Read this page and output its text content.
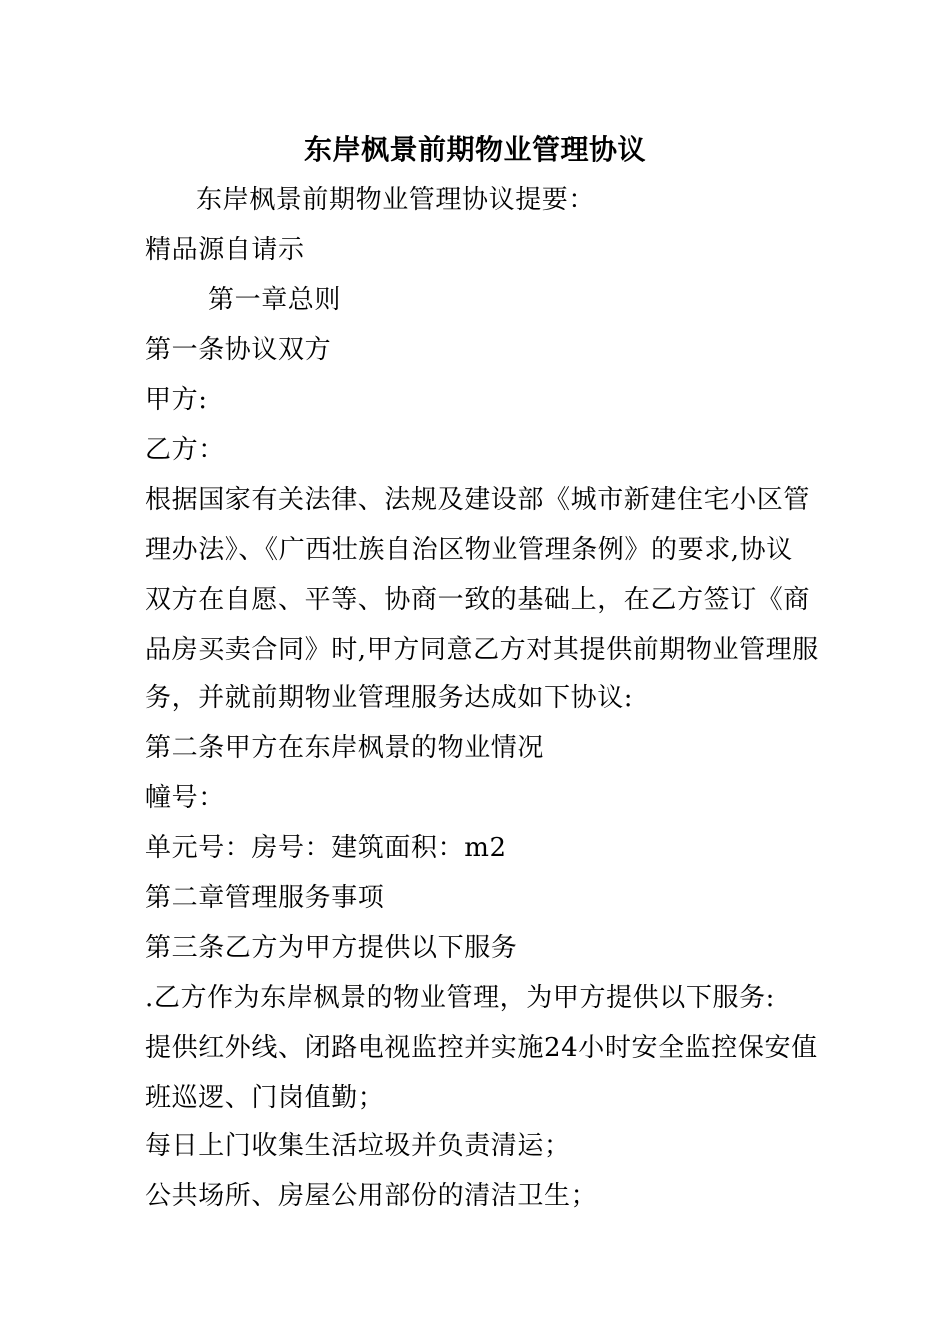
东岸枫景前期物业管理协议
东岸枫景前期物业管理协议提要：
精品源自请示
第一章总则
第一条协议双方
甲方:
乙方：
根据国家有关法律、法规及建设部《城市新建住宅小区管
理办法》、《广西壮族自治区物业管理条例》的要求,协议
双方在自愿、平等、协商一致的基础上，在乙方签订《商
品房买卖合同》时,甲方同意乙方对其提供前期物业管理服
务，并就前期物业管理服务达成如下协议:
第二条甲方在东岸枫景的物业情况
幢号：
单元号：房号：建筑面积：m2
第二章管理服务事项
第三条乙方为甲方提供以下服务
.乙方作为东岸枫景的物业管理，为甲方提供以下服务:
提供红外线、闭路电视监控并实施24小时安全监控保安值
班巡逻、门岗值勤；
每日上门收集生活垃圾并负责清运；
公共场所、房屋公用部份的清洁卫生；
